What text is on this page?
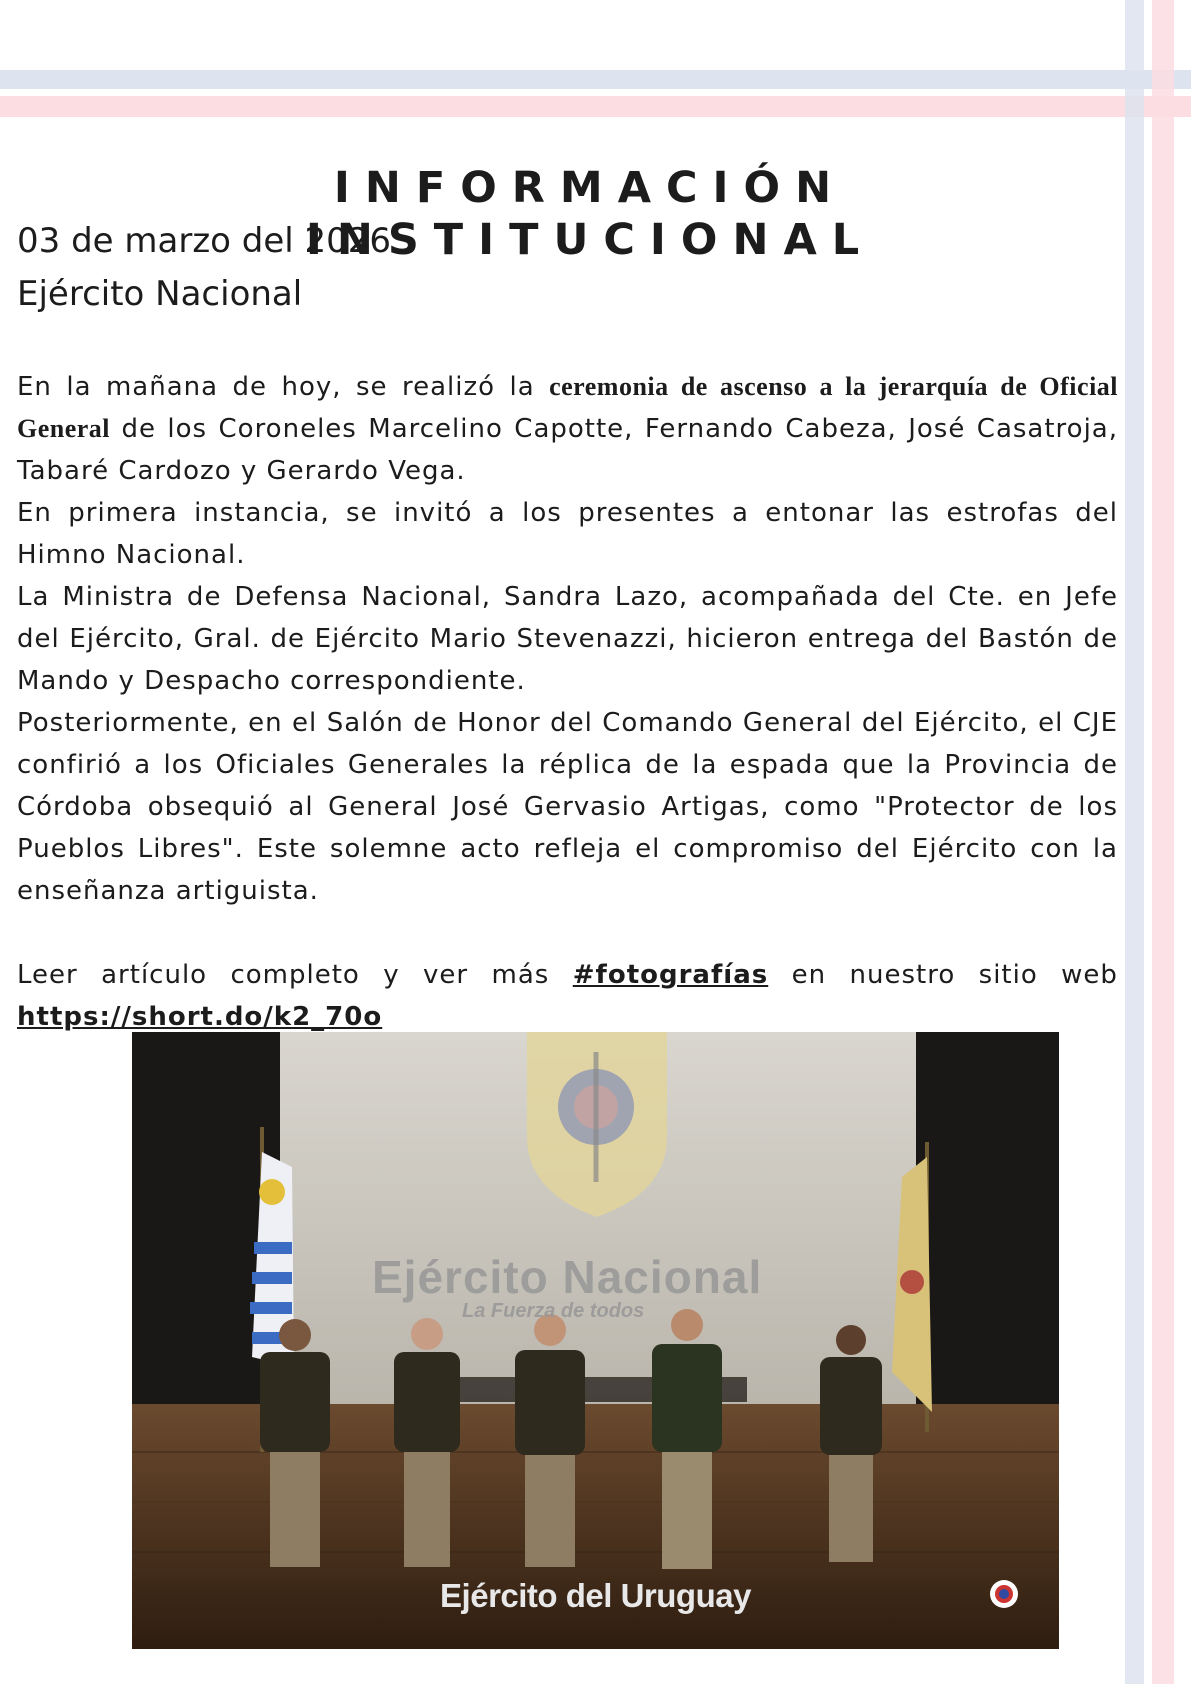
INFORMACIÓN INSTITUCIONAL
03 de marzo del 2026
Ejército Nacional

En la mañana de hoy, se realizó la ceremonia de ascenso a la jerarquía de Oficial General de los Coroneles Marcelino Capotte, Fernando Cabeza, José Casatroja, Tabaré Cardozo y Gerardo Vega.

En primera instancia, se invitó a los presentes a entonar las estrofas del Himno Nacional.

La Ministra de Defensa Nacional, Sandra Lazo, acompañada del Cte. en Jefe del Ejército, Gral. de Ejército Mario Stevenazzi, hicieron entrega del Bastón de Mando y Despacho correspondiente.

Posteriormente, en el Salón de Honor del Comando General del Ejército, el CJE confirió a los Oficiales Generales la réplica de la espada que la Provincia de Córdoba obsequió al General José Gervasio Artigas, como "Protector de los Pueblos Libres". Este solemne acto refleja el compromiso del Ejército con la enseñanza artiguista.

Leer artículo completo y ver más #fotografías en nuestro sitio web
https://short.do/k2_70o
Ejército Nacional
La Fuerza de todos
Ejército del Uruguay
